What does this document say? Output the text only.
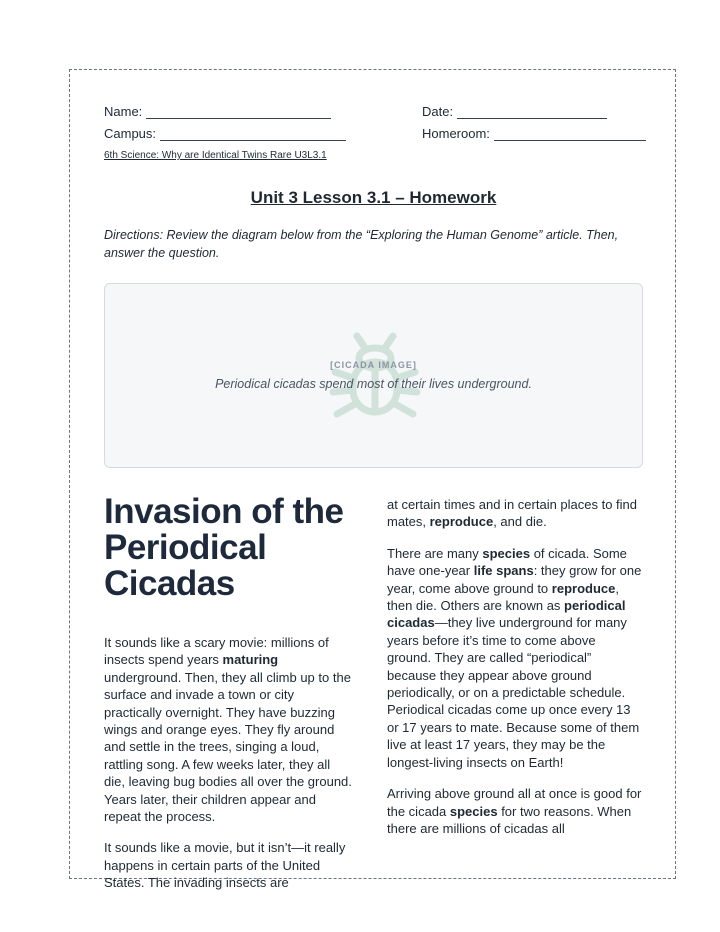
Name:	Date:
Campus:	Homeroom:
6th Science: Why are Identical Twins Rare U3L3.1
Unit 3 Lesson 3.1 – Homework
Directions: Review the diagram below from the “Exploring the Human Genome” article. Then, answer the question.
[CICADA IMAGE]
Periodical cicadas spend most of their lives underground.
Invasion of the Periodical Cicadas

It sounds like a scary movie: millions of insects spend years maturing underground. Then, they all climb up to the surface and invade a town or city practically overnight. They have buzzing wings and orange eyes. They fly around and settle in the trees, singing a loud, rattling song. A few weeks later, they all die, leaving bug bodies all over the ground. Years later, their children appear and repeat the process.

It sounds like a movie, but it isn’t—it really happens in certain parts of the United States. The invading insects are

at certain times and in certain places to find mates, reproduce, and die.

There are many species of cicada. Some have one-year life spans: they grow for one year, come above ground to reproduce, then die. Others are known as periodical cicadas—they live underground for many years before it’s time to come above ground. They are called “periodical” because they appear above ground periodically, or on a predictable schedule. Periodical cicadas come up once every 13 or 17 years to mate. Because some of them live at least 17 years, they may be the longest-living insects on Earth!

Arriving above ground all at once is good for the cicada species for two reasons. When there are millions of cicadas all
